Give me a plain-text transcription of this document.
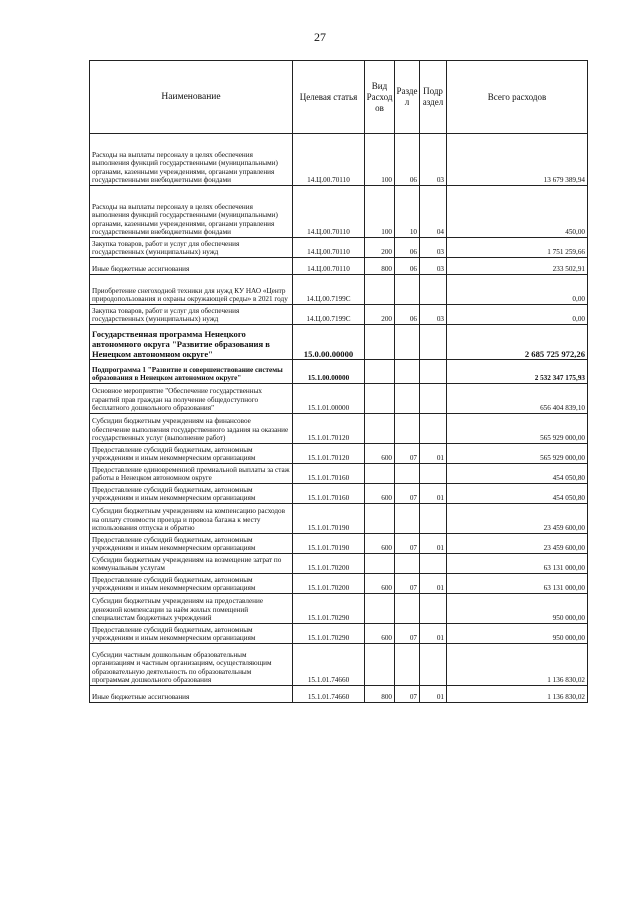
27
Наименование	Целевая статья	Вид Расход ов	Разде л	Подр аздел	Всего расходов
Расходы на выплаты персоналу в целях обеспечения выполнения функций государственными (муниципальными) органами, казенными учреждениями, органами управления государственными внебюджетными фондами	14.Ц.00.70110	100	06	03	13 679 389,94
Расходы на выплаты персоналу в целях обеспечения выполнения функций государственными (муниципальными) органами, казенными учреждениями, органами управления государственными внебюджетными фондами	14.Ц.00.70110	100	10	04	450,00
Закупка товаров, работ и услуг для обеспечения государственных (муниципальных) нужд	14.Ц.00.70110	200	06	03	1 751 259,66
Иные бюджетные ассигнования	14.Ц.00.70110	800	06	03	233 502,91
Приобретение снегоходной техники для нужд КУ НАО «Центр природопользования и охраны окружающей среды» в 2021 году	14.Ц.00.7199С				0,00
Закупка товаров, работ и услуг для обеспечения государственных (муниципальных) нужд	14.Ц.00.7199С	200	06	03	0,00
Государственная программа Ненецкого автономного округа "Развитие образования в Ненецком автономном округе"	15.0.00.00000				2 685 725 972,26
Подпрограмма 1 "Развитие и совершенствование системы образования в Ненецком автономном округе"	15.1.00.00000				2 532 347 175,93
Основное мероприятие "Обеспечение государственных гарантий прав граждан на получение общедоступного бесплатного дошкольного образования"	15.1.01.00000				656 404 839,10
Субсидии бюджетным учреждениям на финансовое обеспечение выполнения государственного задания на оказание государственных услуг (выполнение работ)	15.1.01.70120				565 929 000,00
Предоставление субсидий бюджетным, автономным учреждениям и иным некоммерческим организациям	15.1.01.70120	600	07	01	565 929 000,00
Предоставление единовременной премиальной выплаты за стаж работы в Ненецком автономном округе	15.1.01.70160				454 050,80
Предоставление субсидий бюджетным, автономным учреждениям и иным некоммерческим организациям	15.1.01.70160	600	07	01	454 050,80
Субсидии бюджетным учреждениям на компенсацию расходов на оплату стоимости проезда и провоза багажа к месту использования отпуска и обратно	15.1.01.70190				23 459 600,00
Предоставление субсидий бюджетным, автономным учреждениям и иным некоммерческим организациям	15.1.01.70190	600	07	01	23 459 600,00
Субсидии бюджетным учреждениям на возмещение затрат по коммунальным услугам	15.1.01.70200				63 131 000,00
Предоставление субсидий бюджетным, автономным учреждениям и иным некоммерческим организациям	15.1.01.70200	600	07	01	63 131 000,00
Субсидии бюджетным учреждениям на предоставление денежной компенсации за наём жилых помещений специалистам бюджетных учреждений	15.1.01.70290				950 000,00
Предоставление субсидий бюджетным, автономным учреждениям и иным некоммерческим организациям	15.1.01.70290	600	07	01	950 000,00
Субсидии частным дошкольным образовательным организациям и частным организациям, осуществляющим образовательную деятельность по образовательным программам дошкольного образования	15.1.01.74660				1 136 830,02
Иные бюджетные ассигнования	15.1.01.74660	800	07	01	1 136 830,02
